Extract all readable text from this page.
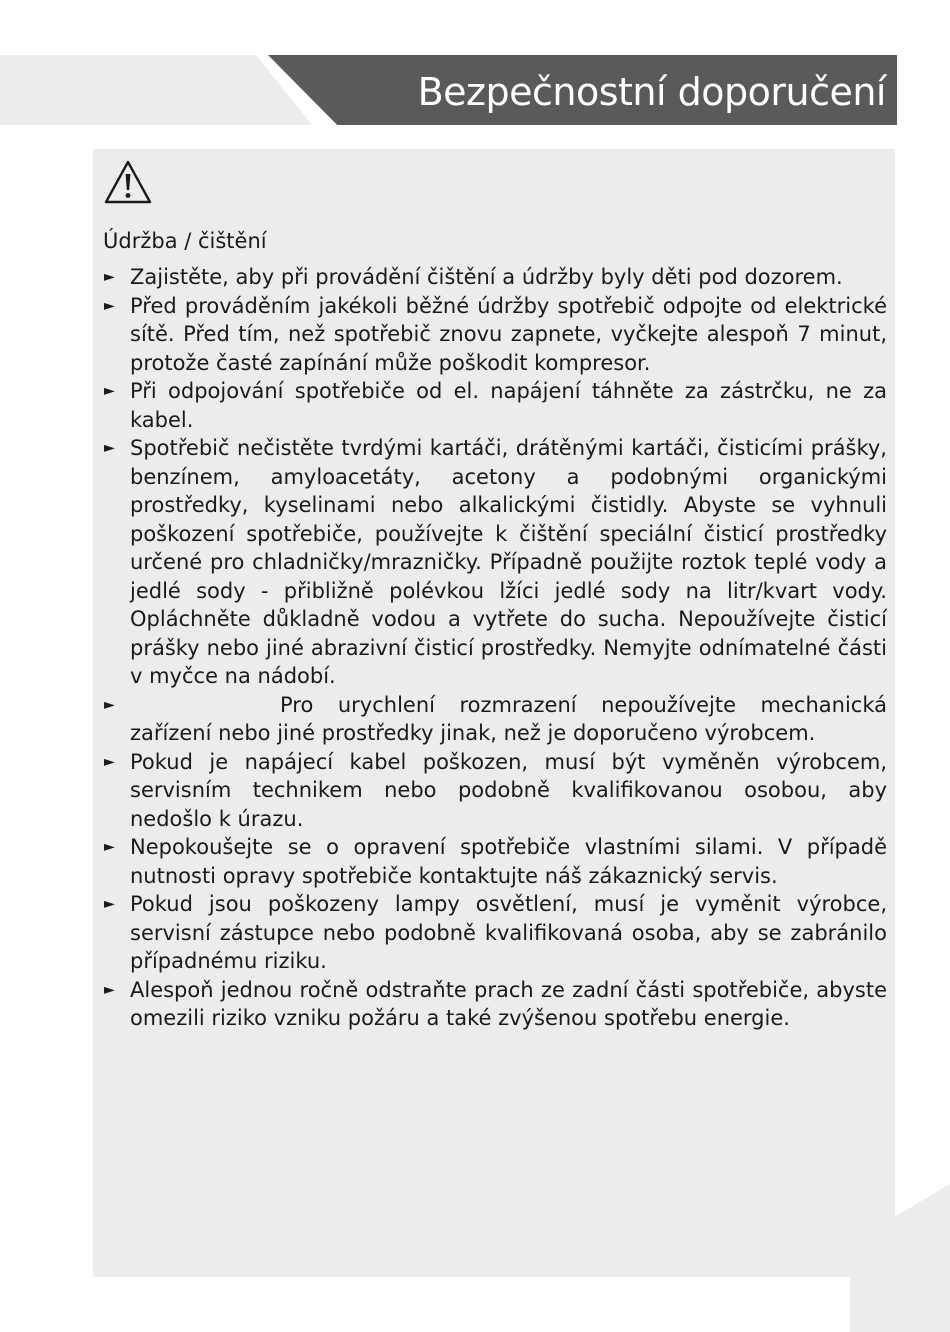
Bezpečnostní doporučení
Údržba / čištění
► Zajistěte, aby při provádění čištění a údržby byly děti pod dozorem.
► Před prováděním jakékoli běžné údržby spotřebič odpojte od elektrické sítě. Před tím, než spotřebič znovu zapnete, vyčkejte alespoň 7 minut, protože časté zapínání může poškodit kompresor.
► Při odpojování spotřebiče od el. napájení táhněte za zástrčku, ne za kabel.
► Spotřebič nečistěte tvrdými kartáči, drátěnými kartáči, čisticími prášky, benzínem, amyloacetáty, acetony a podobnými organickými prostředky, kyselinami nebo alkalickými čistidly. Abyste se vyhnuli poškození spotřebiče, používejte k čištění speciální čisticí prostředky určené pro chladničky/mrazničky. Případně použijte roztok teplé vody a jedlé sody - přibližně polévkou lžíci jedlé sody na litr/kvart vody. Opláchněte důkladně vodou a vytřete do sucha. Nepoužívejte čisticí prášky nebo jiné abrazivní čisticí prostředky. Nemyjte odnímatelné části v myčce na nádobí.
►	Pro urychlení rozmrazení nepoužívejte mechanická zařízení nebo jiné prostředky jinak, než je doporučeno výrobcem.
► Pokud je napájecí kabel poškozen, musí být vyměněn výrobcem, servisním technikem nebo podobně kvalifikovanou osobou, aby nedošlo k úrazu.
► Nepokoušejte se o opravení spotřebiče vlastními silami. V případě nutnosti opravy spotřebiče kontaktujte náš zákaznický servis.
► Pokud jsou poškozeny lampy osvětlení, musí je vyměnit výrobce, servisní zástupce nebo podobně kvalifikovaná osoba, aby se zabránilo případnému riziku.
► Alespoň jednou ročně odstraňte prach ze zadní části spotřebiče, abyste omezili riziko vzniku požáru a také zvýšenou spotřebu energie.
